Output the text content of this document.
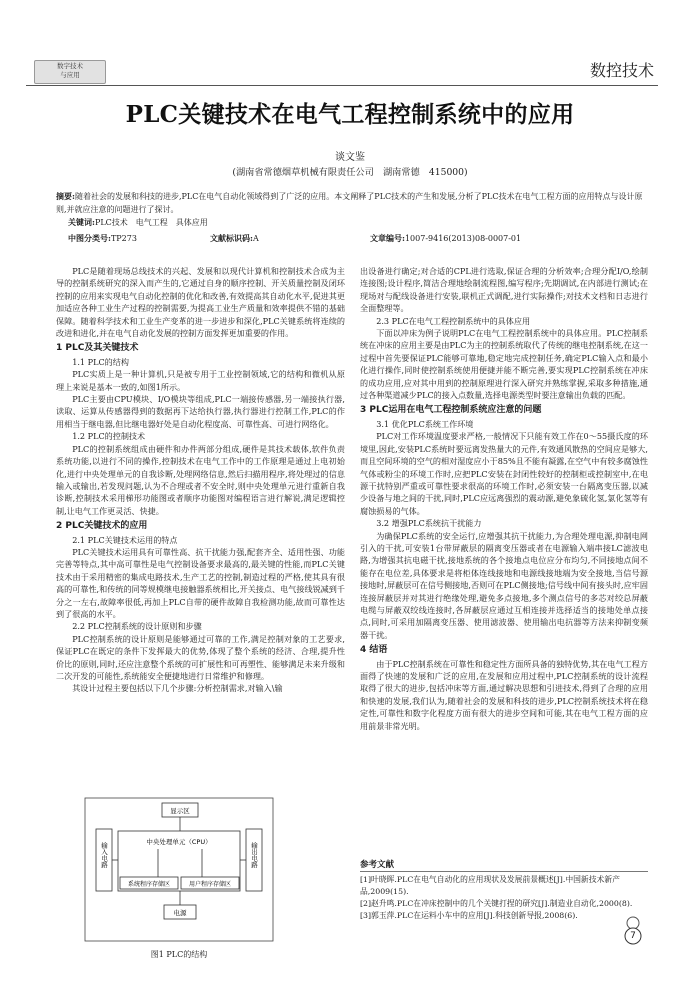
数字技术
与应用	数控技术
PLC关键技术在电气工程控制系统中的应用
谈文鉴
(湖南省常德烟草机械有限责任公司　湖南常德　415000)
摘要:随着社会的发展和科技的进步,PLC在电气自动化领域得到了广泛的应用。本文阐释了PLC技术的产生和发展,分析了PLC技术在电气工程方面的应用特点与设计原则,并就应注意的问题进行了探讨。
关键词:PLC技术　电气工程　具体应用
中图分类号:TP273	文献标识码:A	文章编号:1007-9416(2013)08-0007-01

PLC是随着现场总线技术的兴起、发展和以现代计算机和控制技术合成为主导的控制系统研究的深入而产生的,它通过自身的顺序控制、开关质量控制及闭环控制的应用来实现电气自动化控制的优化和改善,有效提高其自动化水平,促进其更加适应各种工业生产过程的控制需要,为提高工业生产质量和效率提供不错的基础保障。随着科学技术和工业生产变革的进一步进步和深化,PLC关键系统将连续的改进和进化,并在电气自动化发展的控制方面发挥更加重要的作用。

1 PLC及其关键技术

1.1 PLC的结构

PLC实质上是一种计算机,只是被专用于工业控制领域,它的结构和微机从原理上来说是基本一致的,如图1所示。

PLC主要由CPU模块、I/O模块等组成,PLC一端接传感器,另一端接执行器,读取、运算从传感器得到的数据再下达给执行器,执行器进行控制工作,PLC的作用相当于继电器,但比继电器好处是自动化程度高、可靠性高、可进行网络化。

1.2 PLC的控制技术

PLC的控制系统组成由硬件和办件两部分组成,硬件是其技术载体,软件负责系统功能,以进行不同的操作,控制技术在电气工作中的工作原理是通过上电初始化,进行中央处理单元的自我诊断,处理网络信息,然后扫描用程序,将处理过的信息输入或输出,若发现问题,认为不合理或者不安全时,则中央处理单元进行重新自我诊断,控制技术采用梯形功能图或者顺序功能图对编程语言进行解说,满足逻辑控制,让电气工作更灵活、快捷。

2 PLC关键技术的应用

2.1 PLC关键技术运用的特点

PLC关键技术运用具有可靠性高、抗干扰能力强,配套齐全、适用性强、功能完善等特点,其中高可靠性是电气控制设备要求最高的,最关键的性能,而PLC关键技术由于采用精密的集成电路技术,生产工艺的控制,制造过程的严格,使其具有很高的可靠性,和传统的同等规模继电接触器系统相比,开关接点、电气接线锐减到千分之一左右,故障率很低,再加上PLC自带的硬件故障自我检测功能,故而可靠性达到了很高的水平。

2.2 PLC控制系统的设计原则和步骤

PLC控制系统的设计原则是能够通过可靠的工作,满足控制对象的工艺要求,保证PLC在既定的条件下发挥最大的优势,体现了整个系统的经济、合理,提升性价比的原则,同时,还应注意整个系统的可扩展性和可再塑性、能够满足未来升级和二次开发的可能性,系统能安全便捷地进行日常维护和修理。

其设计过程主要包括以下几个步骤:分析控制需求,对输入\输

显示区
输入电路	输出电路
中央处理单元（CPU）
系统程序存储区	用户程序存储区
电源
图1 PLC的结构

出设备进行确定;对合适的CPL进行选取,保证合理的分析效率;合理分配I/O,绘制连接图;设计程序,简洁合理地绘制流程图,编写程序;先期调试,在内部进行测试;在现场对与配线设备进行安装,联机正式调配,进行实际操作;对技术文档和日志进行全面整理等。

2.3 PLC在电气工程控制系统中的具体应用

下面以冲床为例子说明PLC在电气工程控制系统中的具体应用。PLC控制系统在冲床的应用主要是由PLC为主的控制系统取代了传统的继电控制系统,在这一过程中首先要保证PLC能够可靠地,稳定地完成控制任务,确定PLC输入点和最小化进行操作,同时使控制系统使用便捷并能不断完善,要实现PLC控制系统在冲床的成功应用,应对其中用到的控制原理进行深入研究并熟练掌握,采取多种措施,通过各种渠道减少PLC的接入点数量,选择电源类型时要注意输出负载的匹配。

3 PLC运用在电气工程控制系统应注意的问题

3.1 优化PLC系统工作环境

PLC对工作环境温度要求严格,一般情况下只能有效工作在0～55摄氏度的环境里,因此,安装PLC系统时要远离发热量大的元件,有效通风散热的空间应是够大,而且空间环境的空气的相对湿度应小于85%且不能有凝露,在空气中有较多腐蚀性气体或粉尘的环境工作时,应把PLC安装在封闭性较好的控制柜或控制室中,在电源干扰特别严重或可靠性要求很高的环境工作时,必须安装一台隔离变压器,以减少设备与地之间的干扰,同时,PLC应远离强烈的震动源,避免象硫化氢,氯化氢等有腐蚀损易的气体。

3.2 增强PLC系统抗干扰能力

为确保PLC系统的安全运行,应增强其抗干扰能力,为合理处理电源,抑制电网引入的干扰,可安装1台带屏蔽层的隔离变压器或者在电源输入端串接LC滤波电路,为增强其抗电磁干扰,接地系统的各个接地点电位应分布均匀,不同接地点间不能存在电位差,具体要求是将柜体连线接地和电源线接地端为安全接地,当信号源接地时,屏蔽层可在信号侧接地,否则可在PLC侧接地;信号线中间有接头时,应牢固连接屏蔽层并对其进行绝缘处理,避免多点接地,多个测点信号的多芯对绞总屏蔽电缆与屏蔽双绞线连接时,各屏蔽层应通过互相连接并选择适当的接地处单点接点,同时,可采用加隔离变压器、使用滤波器、使用输出电抗器等方法来抑制变频器干扰。

4 结语

由于PLC控制系统在可靠性和稳定性方面所具备的独特优势,其在电气工程方面得了快速的发展和广泛的应用,在发展和应用过程中,PLC控制系统的设计流程取得了很大的进步,包括冲床等方面,通过解决思想和引进技术,得到了合理的应用和快速的发展,我们认为,随着社会的发展和科技的进步,PLC控制系统技术将在稳定性,可靠性和数字化程度方面有很大的进步空间和可能,其在电气工程方面的应用前景非常光明。

参考文献
[1]叶晓晖.PLC在电气自动化的应用现状及发展前景概述[J].中国新技术新产品,2009(15).
[2]赵升鸣.PLC在冲床控制中的几个关键打捏的研究[J].制造业自动化,2000(8).
[3]郭玉萍.PLC在运料小车中的应用[J].科技创新导报,2008(6).
7
